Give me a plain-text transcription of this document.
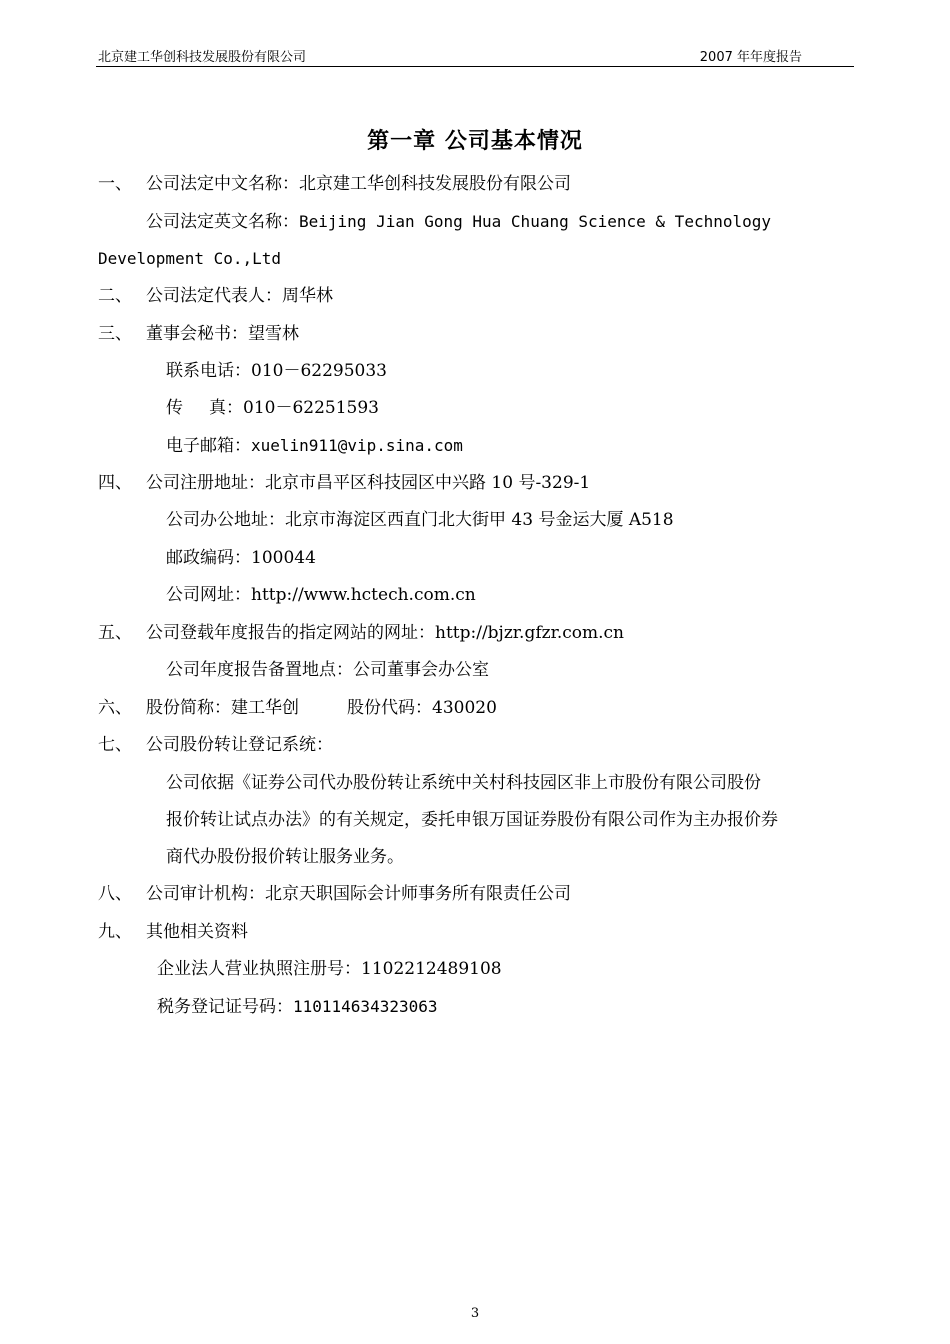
北京建工华创科技发展股份有限公司	2007 年年度报告
第一章 公司基本情况
一、 公司法定中文名称：北京建工华创科技发展股份有限公司
公司法定英文名称：Beijing Jian Gong Hua Chuang Science & Technology
Development Co.,Ltd
二、 公司法定代表人：周华林
三、 董事会秘书：望雪林
联系电话：010－62295033
传 真：010－62251593
电子邮箱：xuelin911@vip.sina.com
四、 公司注册地址：北京市昌平区科技园区中兴路 10 号-329-1
公司办公地址：北京市海淀区西直门北大街甲 43 号金运大厦 A518
邮政编码：100044
公司网址：http://www.hctech.com.cn
五、 公司登载年度报告的指定网站的网址：http://bjzr.gfzr.com.cn
公司年度报告备置地点：公司董事会办公室
六、 股份简称：建工华创	股份代码：430020
七、 公司股份转让登记系统：
公司依据《证券公司代办股份转让系统中关村科技园区非上市股份有限公司股份
报价转让试点办法》的有关规定，委托申银万国证券股份有限公司作为主办报价券
商代办股份报价转让服务业务。
八、 公司审计机构：北京天职国际会计师事务所有限责任公司
九、 其他相关资料
企业法人营业执照注册号：1102212489108
税务登记证号码：110114634323063
3
